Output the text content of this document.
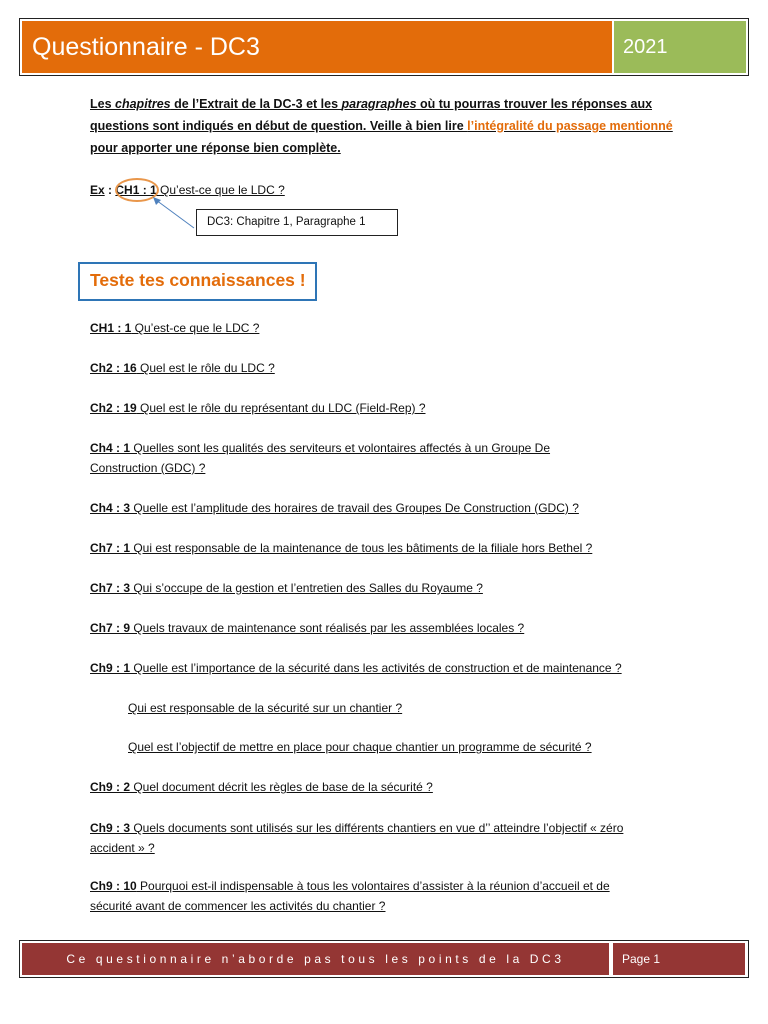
Questionnaire - DC3	2021
Les chapitres de l’Extrait de la DC-3 et les paragraphes où tu pourras trouver les réponses aux questions sont indiqués en début de question. Veille à bien lire l’intégralité du passage mentionné pour apporter une réponse bien complète.
Ex : CH1 : 1 Qu’est-ce que le LDC ?
DC3: Chapitre 1, Paragraphe 1
Teste tes connaissances !
CH1 : 1 Qu’est-ce que le LDC ?
Ch2 : 16 Quel est le rôle du LDC ?
Ch2 : 19 Quel est le rôle du représentant du LDC (Field-Rep) ?
Ch4 : 1 Quelles sont les qualités des serviteurs et volontaires affectés à un Groupe De Construction (GDC) ?
Ch4 : 3 Quelle est l’amplitude des horaires de travail des Groupes De Construction (GDC) ?
Ch7 : 1 Qui est responsable de la maintenance de tous les bâtiments de la filiale hors Bethel ?
Ch7 : 3 Qui s’occupe de la gestion et l’entretien des Salles du Royaume ?
Ch7 : 9 Quels travaux de maintenance sont réalisés par les assemblées locales ?
Ch9 : 1 Quelle est l’importance de la sécurité dans les activités de construction et de maintenance ?
Qui est responsable de la sécurité sur un chantier ?
Quel est l’objectif de mettre en place pour chaque chantier un programme de sécurité ?
Ch9 : 2 Quel document décrit les règles de base de la sécurité ?
Ch9 : 3 Quels documents sont utilisés sur les différents chantiers en vue d’’ atteindre l’objectif « zéro accident » ?
Ch9 : 10 Pourquoi est-il indispensable à tous les volontaires d’assister à la réunion d’accueil et de sécurité avant de commencer les activités du chantier ?
Ce questionnaire n’aborde pas tous les points de la DC3	Page 1
